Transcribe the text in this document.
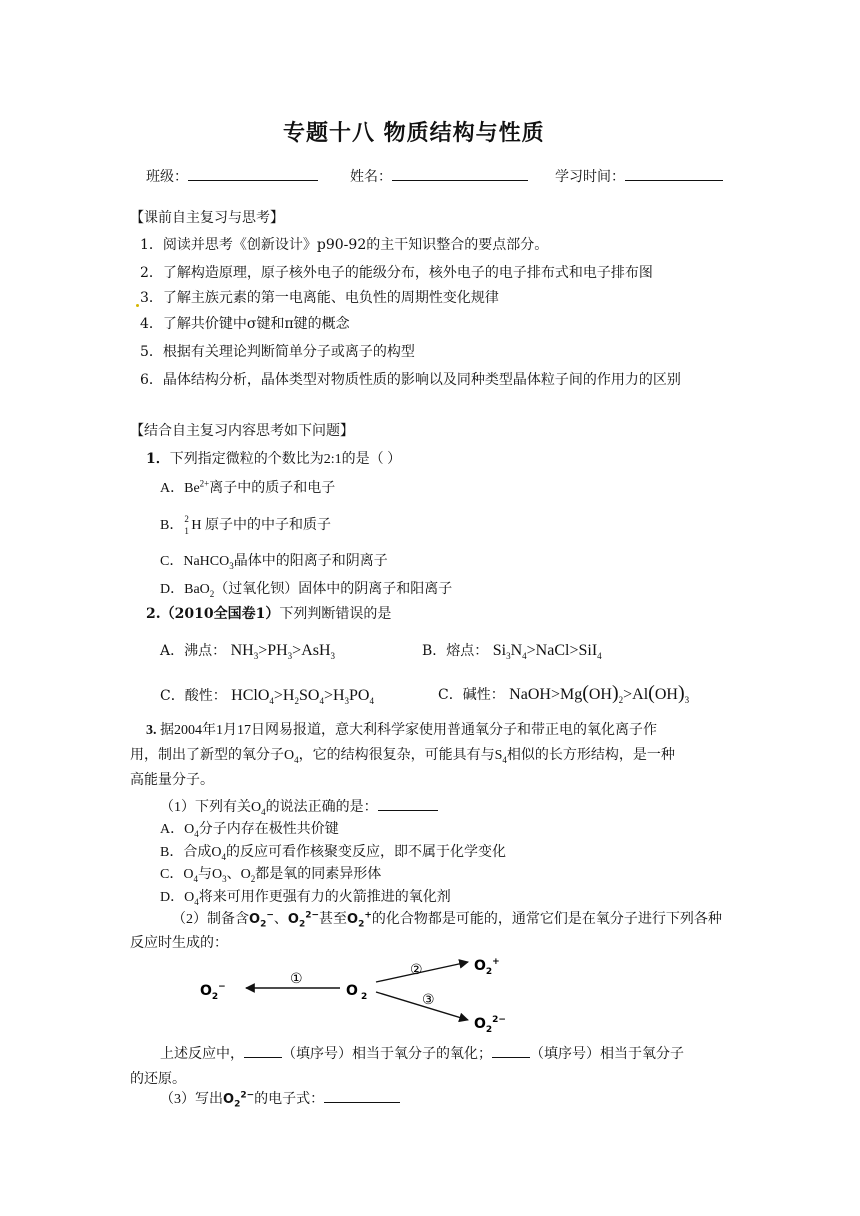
专题十八 物质结构与性质
班级：	姓名：	学习时间：
【课前自主复习与思考】
1．阅读并思考《创新设计》p90-92的主干知识整合的要点部分。
2．了解构造原理，原子核外电子的能级分布，核外电子的电子排布式和电子排布图
3．了解主族元素的第一电离能、电负性的周期性变化规律
4．了解共价键中σ键和π键的概念
5．根据有关理论判断简单分子或离子的构型
6．晶体结构分析，晶体类型对物质性质的影响以及同种类型晶体粒子间的作用力的区别
【结合自主复习内容思考如下问题】
1．下列指定微粒的个数比为2:1的是（ ）
A．$Be^{2+}$离子中的质子和电子
B． 2
1 H 原子中的中子和质子
C．NaHCO$_3$晶体中的阳离子和阴离子
D．BaO$_2$（过氧化钡）固体中的阴离子和阳离子
2.（2010全国卷1）下列判断错误的是
A．沸点： $NH_3>PH_3>AsH_3$	B．熔点： $Si_3N_4>NaCl>SiI_4$
C．酸性： $HClO_4>H_2SO_4>H_3PO_4$	C．碱性： $NaOH>Mg(OH)_2>Al(OH)_3$
3. 据2004年1月17日网易报道，意大利科学家使用普通氧分子和带正电的氧化离子作
用，制出了新型的氧分子$O_4$，它的结构很复杂，可能具有与$S_4$相似的长方形结构，是一种
高能量分子。
（1）下列有关$O_4$的说法正确的是：
A．$O_4$分子内存在极性共价键
B．合成$O_4$的反应可看作核聚变反应，即不属于化学变化
C．$O_4$与$O_3$、$O_2$都是氧的同素异形体
D．$O_4$将来可用作更强有力的火箭推进的氧化剂
（2）制备含$O_2^-$、$O_2^{2-}$甚至$O_2^+$的化合物都是可能的，通常它们是在氧分子进行下列各种
反应时生成的：
$O_2^-$	O $_2$
$O_2^+$
$O_2^{2-}$
①
②
③
上述反应中，	（填序号）相当于氧分子的氧化；	（填序号）相当于氧分子
的还原。
（3）写出$O_2^{2-}$的电子式：
